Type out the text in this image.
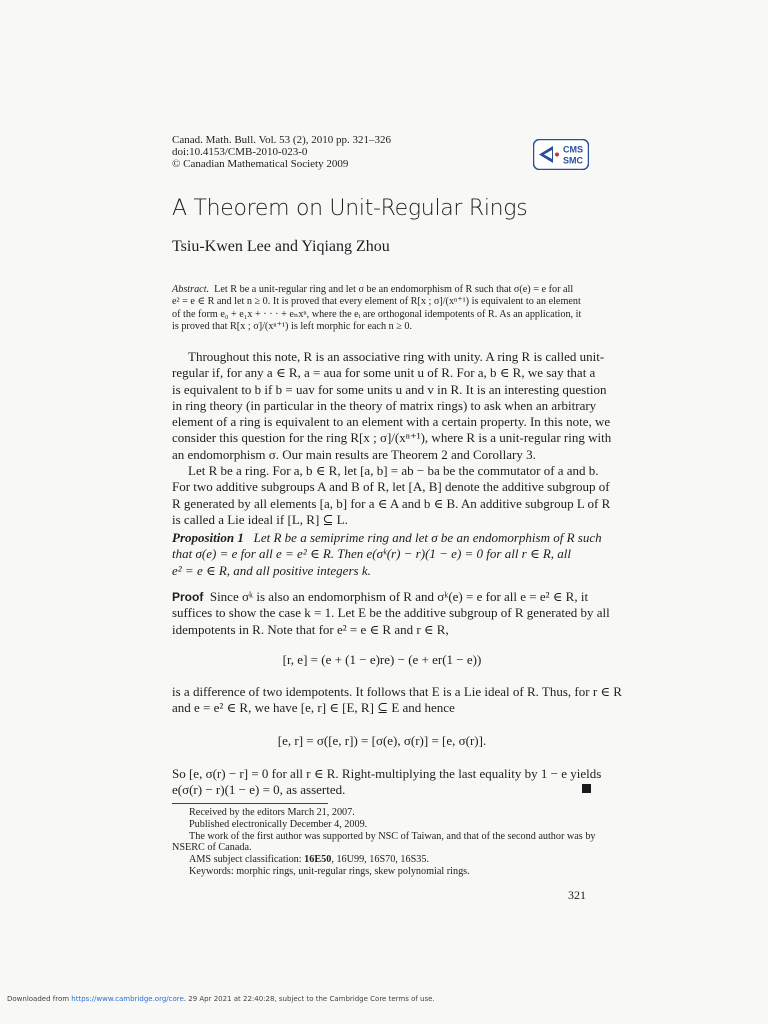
Canad. Math. Bull. Vol. 53 (2), 2010 pp. 321–326
doi:10.4153/CMB-2010-023-0
© Canadian Mathematical Society 2009
CMS
SMC
A Theorem on Unit-Regular Rings
Tsiu-Kwen Lee and Yiqiang Zhou
Abstract. Let R be a unit-regular ring and let σ be an endomorphism of R such that σ(e) = e for all
e² = e ∈ R and let n ≥ 0. It is proved that every element of R[x ; σ]/(xⁿ⁺¹) is equivalent to an element
of the form e₀ + e₁x + · · · + eₙxⁿ, where the eᵢ are orthogonal idempotents of R. As an application, it
is proved that R[x ; σ]/(xⁿ⁺¹) is left morphic for each n ≥ 0.
Throughout this note, R is an associative ring with unity. A ring R is called unit-
regular if, for any a ∈ R, a = aua for some unit u of R. For a, b ∈ R, we say that a
is equivalent to b if b = uav for some units u and v in R. It is an interesting question
in ring theory (in particular in the theory of matrix rings) to ask when an arbitrary
element of a ring is equivalent to an element with a certain property. In this note, we
consider this question for the ring R[x ; σ]/(xⁿ⁺¹), where R is a unit-regular ring with
an endomorphism σ. Our main results are Theorem 2 and Corollary 3.
Let R be a ring. For a, b ∈ R, let [a, b] = ab − ba be the commutator of a and b.
For two additive subgroups A and B of R, let [A, B] denote the additive subgroup of
R generated by all elements [a, b] for a ∈ A and b ∈ B. An additive subgroup L of R
is called a Lie ideal if [L, R] ⊆ L.
Proposition 1 Let R be a semiprime ring and let σ be an endomorphism of R such
that σ(e) = e for all e = e² ∈ R. Then e(σᵏ(r) − r)(1 − e) = 0 for all r ∈ R, all
e² = e ∈ R, and all positive integers k.
Proof Since σᵏ is also an endomorphism of R and σᵏ(e) = e for all e = e² ∈ R, it
suffices to show the case k = 1. Let E be the additive subgroup of R generated by all
idempotents in R. Note that for e² = e ∈ R and r ∈ R,
[r, e] = (e + (1 − e)re) − (e + er(1 − e))
is a difference of two idempotents. It follows that E is a Lie ideal of R. Thus, for r ∈ R
and e = e² ∈ R, we have [e, r] ∈ [E, R] ⊆ E and hence
[e, r] = σ([e, r]) = [σ(e), σ(r)] = [e, σ(r)].
So [e, σ(r) − r] = 0 for all r ∈ R. Right-multiplying the last equality by 1 − e yields
e(σ(r) − r)(1 − e) = 0, as asserted.
Received by the editors March 21, 2007.
Published electronically December 4, 2009.
The work of the first author was supported by NSC of Taiwan, and that of the second author was by
NSERC of Canada.
AMS subject classification: 16E50, 16U99, 16S70, 16S35.
Keywords: morphic rings, unit-regular rings, skew polynomial rings.
321
Downloaded from https://www.cambridge.org/core. 29 Apr 2021 at 22:40:28, subject to the Cambridge Core terms of use.
